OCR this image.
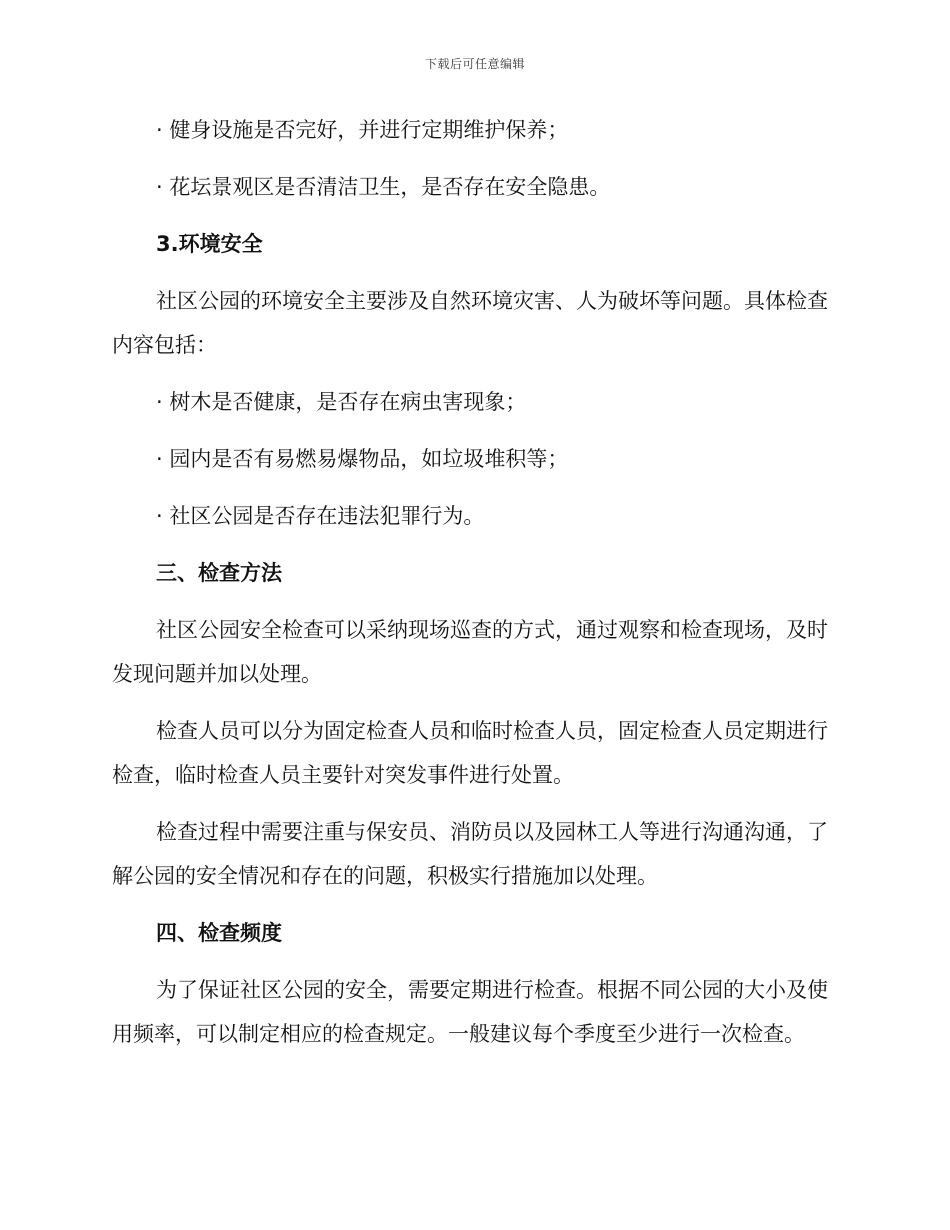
下载后可任意编辑
· 健身设施是否完好，并进行定期维护保养；
· 花坛景观区是否清洁卫生，是否存在安全隐患。
3.环境安全
社区公园的环境安全主要涉及自然环境灾害、人为破坏等问题。具体检查内容包括：
· 树木是否健康，是否存在病虫害现象；
· 园内是否有易燃易爆物品，如垃圾堆积等；
· 社区公园是否存在违法犯罪行为。
三、检查方法
社区公园安全检查可以采纳现场巡查的方式，通过观察和检查现场，及时发现问题并加以处理。
检查人员可以分为固定检查人员和临时检查人员，固定检查人员定期进行检查，临时检查人员主要针对突发事件进行处置。
检查过程中需要注重与保安员、消防员以及园林工人等进行沟通沟通，了解公园的安全情况和存在的问题，积极实行措施加以处理。
四、检查频度
为了保证社区公园的安全，需要定期进行检查。根据不同公园的大小及使用频率，可以制定相应的检查规定。一般建议每个季度至少进行一次检查。
